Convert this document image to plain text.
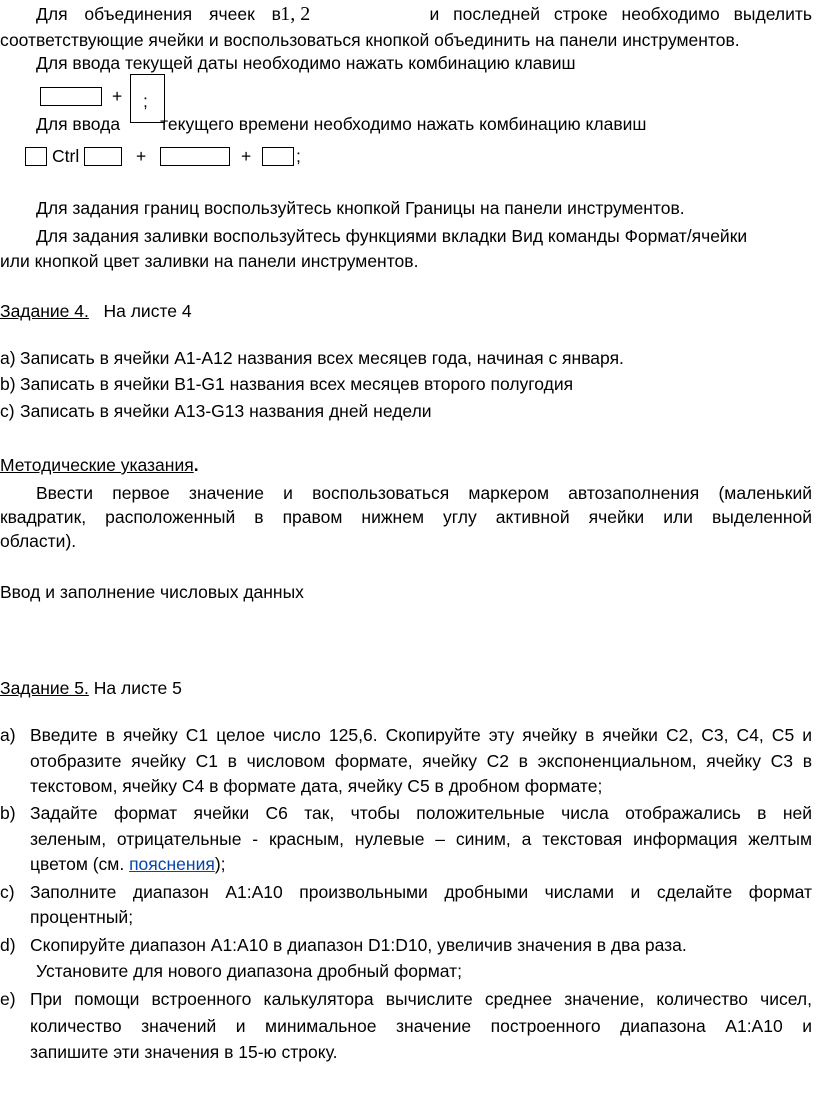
Для объединения ячеек в 1, 2	и последней строке необходимо выделить
соответствующие ячейки и воспользоваться кнопкой объединить на панели инструментов.
Для ввода текущей даты необходимо нажать комбинацию клавиш
+ ;
Для ввода текущего времени необходимо нажать комбинацию клавиш
Ctrl	+	+	;
Для задания границ воспользуйтесь кнопкой Границы на панели инструментов.
Для задания заливки воспользуйтесь функциями вкладки Вид команды Формат/ячейки
или кнопкой цвет заливки на панели инструментов.
Задание 4. На листе 4
a) Записать в ячейки А1-А12 названия всех месяцев года, начиная с января.
b) Записать в ячейки В1-G1 названия всех месяцев второго полугодия
c) Записать в ячейки А13-G13 названия дней недели
Методические указания.
Ввести первое значение и воспользоваться маркером автозаполнения (маленький
квадратик, расположенный в правом нижнем углу активной ячейки или выделенной
области).
Ввод и заполнение числовых данных
Задание 5. На листе 5
a) Введите в ячейку С1 целое число 125,6. Скопируйте эту ячейку в ячейки С2, С3, С4, С5 и
отобразите ячейку С1 в числовом формате, ячейку С2 в экспоненциальном, ячейку С3 в
текстовом, ячейку С4 в формате дата, ячейку С5 в дробном формате;
b) Задайте формат ячейки С6 так, чтобы положительные числа отображались в ней
зеленым, отрицательные - красным, нулевые – синим, а текстовая информация желтым
цветом (см. пояснения);
c) Заполните диапазон А1:А10 произвольными дробными числами и сделайте формат
процентный;
d) Скопируйте диапазон А1:А10 в диапазон D1:D10, увеличив значения в два раза.
Установите для нового диапазона дробный формат;
e) При помощи встроенного калькулятора вычислите среднее значение, количество чисел,
количество значений и минимальное значение построенного диапазона А1:А10 и
запишите эти значения в 15-ю строку.
